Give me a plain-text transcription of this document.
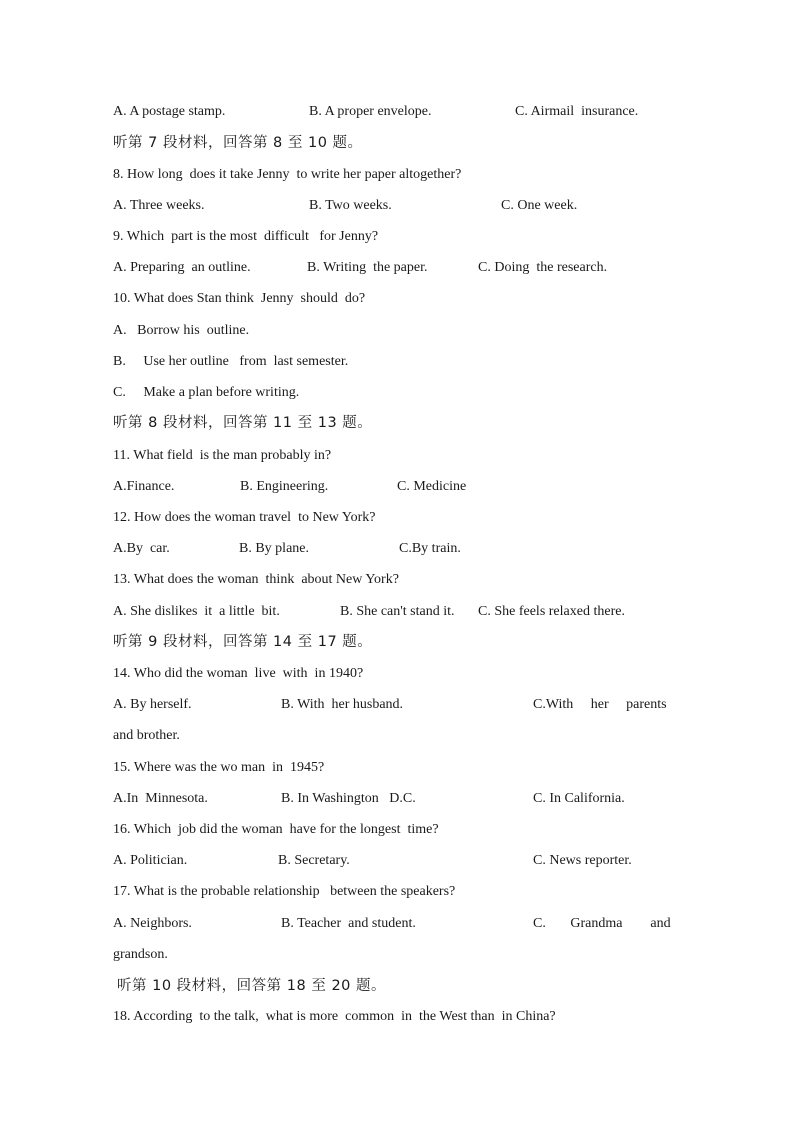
A. A postage stamp.	B. A proper envelope.	C. Airmail  insurance.
听第 7 段材料，回答第 8 至 10 题。
8. How long  does it take Jenny  to write her paper altogether?
A. Three weeks.	B. Two weeks.	C. One week.
9. Which  part is the most  difficult   for Jenny?
A. Preparing  an outline.	B. Writing  the paper.	C. Doing  the research.
10. What does Stan think  Jenny  should  do?
A.   Borrow his  outline.
B.     Use her outline   from  last semester.
C.     Make a plan before writing.
听第 8 段材料，回答第 11 至 13 题。
11. What field  is the man probably in?
A.Finance.	B. Engineering.	C. Medicine
12. How does the woman travel  to New York?
A.By  car.	B. By plane.	C.By train.
13. What does the woman  think  about New York?
A. She dislikes  it  a little  bit.	B. She can't stand it. C. She feels relaxed there.
听第 9 段材料，回答第 14 至 17 题。
14. Who did the woman  live  with  in 1940?
A. By herself.	B. With  her husband.	C.With     her     parents
and brother.
15. Where was the wo man  in  1945?
A.In  Minnesota.	B. In Washington   D.C.	C. In California.
16. Which  job did the woman  have for the longest  time?
A. Politician.	B. Secretary.	C. News reporter.
17. What is the probable relationship   between the speakers?
A. Neighbors.	B. Teacher  and student.	C.       Grandma        and
grandson.
听第 10 段材料，回答第 18 至 20 题。
18. According  to the talk,  what is more  common  in  the West than  in China?
